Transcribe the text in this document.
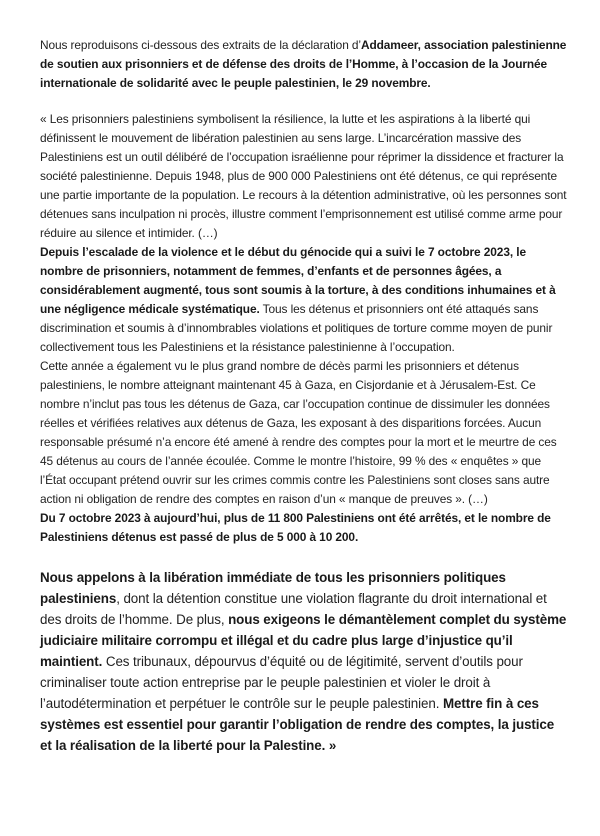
Nous reproduisons ci-dessous des extraits de la déclaration d’Addameer, association palestinienne de soutien aux prisonniers et de défense des droits de l’Homme, à l’occasion de la Journée internationale de solidarité avec le peuple palestinien, le 29 novembre.

« Les prisonniers palestiniens symbolisent la résilience, la lutte et les aspirations à la liberté qui définissent le mouvement de libération palestinien au sens large. L’incarcération massive des Palestiniens est un outil délibéré de l’occupation israélienne pour réprimer la dissidence et fracturer la société palestinienne. Depuis 1948, plus de 900 000 Palestiniens ont été détenus, ce qui représente une partie importante de la population. Le recours à la détention administrative, où les personnes sont détenues sans inculpation ni procès, illustre comment l’emprisonnement est utilisé comme arme pour réduire au silence et intimider. (…)

Depuis l’escalade de la violence et le début du génocide qui a suivi le 7 octobre 2023, le nombre de prisonniers, notamment de femmes, d’enfants et de personnes âgées, a considérablement augmenté, tous sont soumis à la torture, à des conditions inhumaines et à une négligence médicale systématique. Tous les détenus et prisonniers ont été attaqués sans discrimination et soumis à d’innombrables violations et politiques de torture comme moyen de punir collectivement tous les Palestiniens et la résistance palestinienne à l’occupation.

Cette année a également vu le plus grand nombre de décès parmi les prisonniers et détenus palestiniens, le nombre atteignant maintenant 45 à Gaza, en Cisjordanie et à Jérusalem-Est. Ce nombre n’inclut pas tous les détenus de Gaza, car l’occupation continue de dissimuler les données réelles et vérifiées relatives aux détenus de Gaza, les exposant à des disparitions forcées. Aucun responsable présumé n’a encore été amené à rendre des comptes pour la mort et le meurtre de ces 45 détenus au cours de l’année écoulée. Comme le montre l’histoire, 99 % des « enquêtes » que l’État occupant prétend ouvrir sur les crimes commis contre les Palestiniens sont closes sans autre action ni obligation de rendre des comptes en raison d’un « manque de preuves ». (…)

Du 7 octobre 2023 à aujourd’hui, plus de 11 800 Palestiniens ont été arrêtés, et le nombre de Palestiniens détenus est passé de plus de 5 000 à 10 200.

Nous appelons à la libération immédiate de tous les prisonniers politiques palestiniens, dont la détention constitue une violation flagrante du droit international et des droits de l’homme. De plus, nous exigeons le démantèlement complet du système judiciaire militaire corrompu et illégal et du cadre plus large d’injustice qu’il maintient. Ces tribunaux, dépourvus d’équité ou de légitimité, servent d’outils pour criminaliser toute action entreprise par le peuple palestinien et violer le droit à l’autodétermination et perpétuer le contrôle sur le peuple palestinien. Mettre fin à ces systèmes est essentiel pour garantir l’obligation de rendre des comptes, la justice et la réalisation de la liberté pour la Palestine. »
